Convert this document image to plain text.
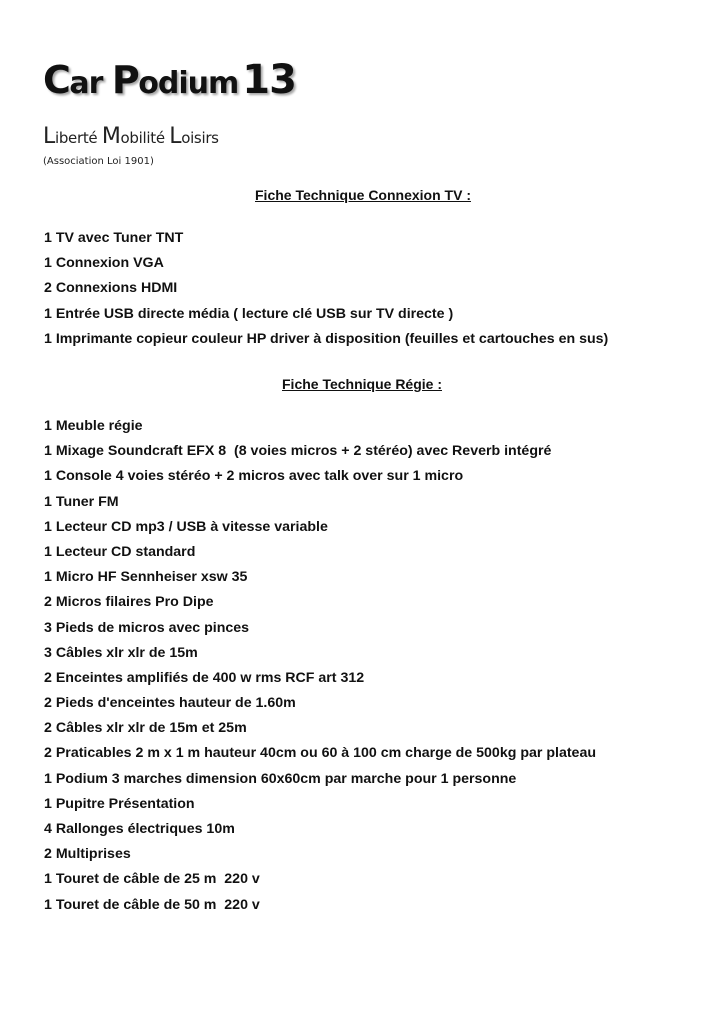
Car Podium 13
Liberté Mobilité Loisirs
(Association Loi 1901)
Fiche Technique Connexion TV :
1 TV avec Tuner TNT
1 Connexion VGA
2 Connexions HDMI
1 Entrée USB directe média ( lecture clé USB sur TV directe )
1 Imprimante copieur couleur HP driver à disposition (feuilles et cartouches en sus)
Fiche Technique Régie :
1 Meuble régie
1 Mixage Soundcraft EFX 8  (8 voies micros + 2 stéréo) avec Reverb intégré
1 Console 4 voies stéréo + 2 micros avec talk over sur 1 micro
1 Tuner FM
1 Lecteur CD mp3 / USB à vitesse variable
1 Lecteur CD standard
1 Micro HF Sennheiser xsw 35
2 Micros filaires Pro Dipe
3 Pieds de micros avec pinces
3 Câbles xlr xlr de 15m
2 Enceintes amplifiés de 400 w rms RCF art 312
2 Pieds d'enceintes hauteur de 1.60m
2 Câbles xlr xlr de 15m et 25m
2 Praticables 2 m x 1 m hauteur 40cm ou 60 à 100 cm charge de 500kg par plateau
1 Podium 3 marches dimension 60x60cm par marche pour 1 personne
1 Pupitre Présentation
4 Rallonges électriques 10m
2 Multiprises
1 Touret de câble de 25 m  220 v
1 Touret de câble de 50 m  220 v
